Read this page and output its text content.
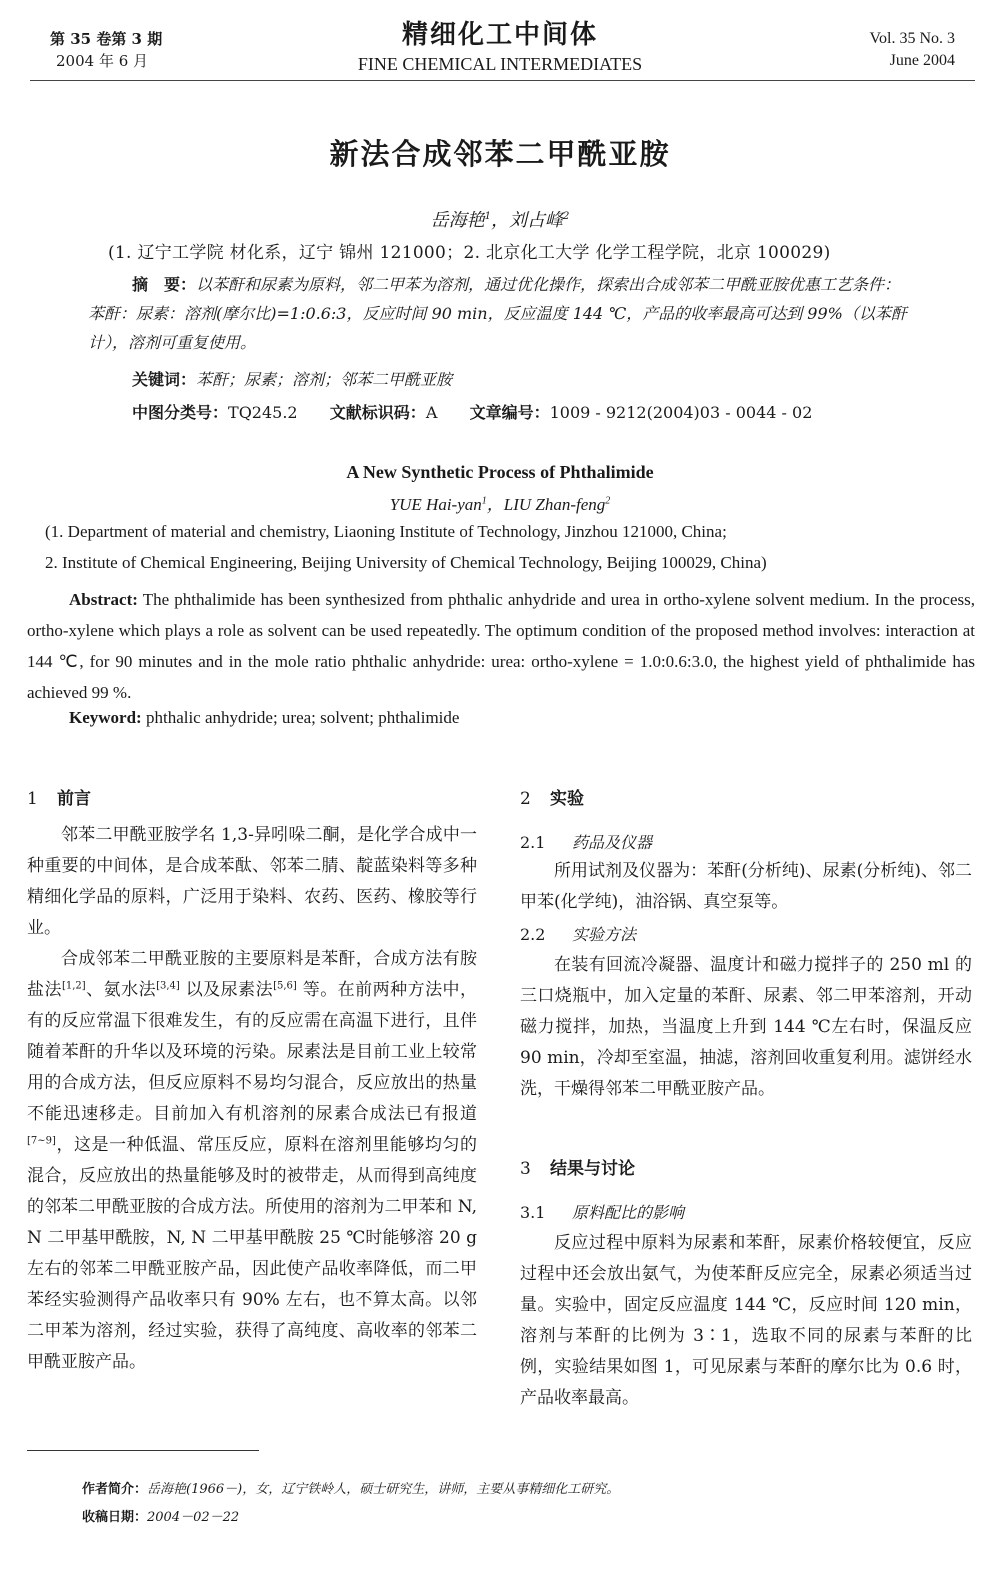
第 35 卷第 3 期
2004 年 6 月
精细化工中间体
FINE CHEMICAL INTERMEDIATES
Vol. 35 No. 3
June 2004
新法合成邻苯二甲酰亚胺
岳海艳$^1$，刘占峰$^2$
(1. 辽宁工学院 材化系，辽宁 锦州 121000；2. 北京化工大学 化学工程学院，北京 100029)
摘　要：以苯酐和尿素为原料，邻二甲苯为溶剂，通过优化操作，探索出合成邻苯二甲酰亚胺优惠工艺条件：苯酐：尿素：溶剂(摩尔比)=1:0.6:3，反应时间 90 min，反应温度 144 ℃，产品的收率最高可达到 99%（以苯酐计），溶剂可重复使用。
关键词：苯酐；尿素；溶剂；邻苯二甲酰亚胺
中图分类号：TQ245.2 文献标识码：A 文章编号：1009 - 9212(2004)03 - 0044 - 02
A New Synthetic Process of Phthalimide
YUE Hai-yan$^1$，LIU Zhan-feng$^2$
(1. Department of material and chemistry, Liaoning Institute of Technology, Jinzhou 121000, China;
2. Institute of Chemical Engineering, Beijing University of Chemical Technology, Beijing 100029, China)
Abstract: The phthalimide has been synthesized from phthalic anhydride and urea in ortho-xylene solvent medium. In the process, ortho-xylene which plays a role as solvent can be used repeatedly. The optimum condition of the proposed method involves: interaction at 144 ℃, for 90 minutes and in the mole ratio phthalic anhydride: urea: ortho-xylene = 1.0:0.6:3.0, the highest yield of phthalimide has achieved 99 %.
Keyword: phthalic anhydride; urea; solvent; phthalimide
1 前言

邻苯二甲酰亚胺学名 1,3-异吲哚二酮，是化学合成中一种重要的中间体，是合成苯酞、邻苯二腈、靛蓝染料等多种精细化学品的原料，广泛用于染料、农药、医药、橡胶等行业。

合成邻苯二甲酰亚胺的主要原料是苯酐，合成方法有胺盐法[1,2]、氨水法[3,4] 以及尿素法[5,6] 等。在前两种方法中，有的反应常温下很难发生，有的反应需在高温下进行，且伴随着苯酐的升华以及环境的污染。尿素法是目前工业上较常用的合成方法，但反应原料不易均匀混合，反应放出的热量不能迅速移走。目前加入有机溶剂的尿素合成法已有报道[7~9]，这是一种低温、常压反应，原料在溶剂里能够均匀的混合，反应放出的热量能够及时的被带走，从而得到高纯度的邻苯二甲酰亚胺的合成方法。所使用的溶剂为二甲苯和 N, N 二甲基甲酰胺，N, N 二甲基甲酰胺 25 ℃时能够溶 20 g 左右的邻苯二甲酰亚胺产品，因此使产品收率降低，而二甲苯经实验测得产品收率只有 90% 左右，也不算太高。以邻二甲苯为溶剂，经过实验，获得了高纯度、高收率的邻苯二甲酰亚胺产品。

2 实验
2.1 药品及仪器

所用试剂及仪器为：苯酐(分析纯)、尿素(分析纯)、邻二甲苯(化学纯)，油浴锅、真空泵等。

2.2 实验方法

在装有回流冷凝器、温度计和磁力搅拌子的 250 ml 的三口烧瓶中，加入定量的苯酐、尿素、邻二甲苯溶剂，开动磁力搅拌，加热，当温度上升到 144 ℃左右时，保温反应 90 min，冷却至室温，抽滤，溶剂回收重复利用。滤饼经水洗，干燥得邻苯二甲酰亚胺产品。

3 结果与讨论
3.1 原料配比的影响

反应过程中原料为尿素和苯酐，尿素价格较便宜，反应过程中还会放出氨气，为使苯酐反应完全，尿素必须适当过量。实验中，固定反应温度 144 ℃，反应时间 120 min，溶剂与苯酐的比例为 3∶1，选取不同的尿素与苯酐的比例，实验结果如图 1，可见尿素与苯酐的摩尔比为 0.6 时，产品收率最高。

作者简介：岳海艳(1966－)，女，辽宁铁岭人，硕士研究生，讲师，主要从事精细化工研究。
收稿日期：2004－02－22
